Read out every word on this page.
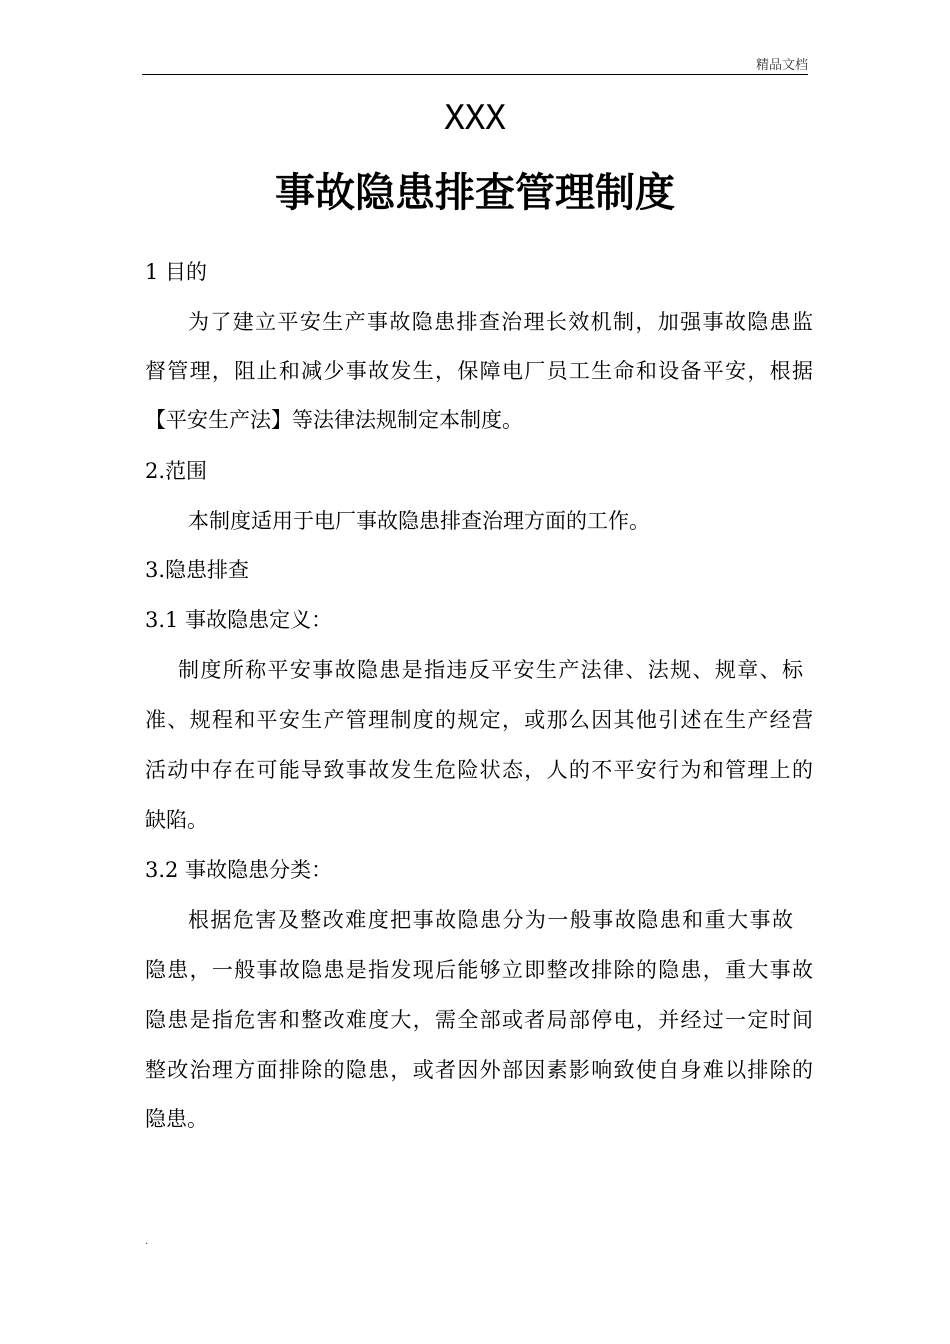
精品文档
XXX
事故隐患排查管理制度
1 目的
为了建立平安生产事故隐患排查治理长效机制，加强事故隐患监
督管理，阻止和减少事故发生，保障电厂员工生命和设备平安，根据
【平安生产法】等法律法规制定本制度。
2.范围
本制度适用于电厂事故隐患排查治理方面的工作。
3.隐患排查
3.1 事故隐患定义：
制度所称平安事故隐患是指违反平安生产法律、法规、规章、标
准、规程和平安生产管理制度的规定，或那么因其他引述在生产经营
活动中存在可能导致事故发生危险状态，人的不平安行为和管理上的
缺陷。
3.2 事故隐患分类：
根据危害及整改难度把事故隐患分为一般事故隐患和重大事故
隐患，一般事故隐患是指发现后能够立即整改排除的隐患，重大事故
隐患是指危害和整改难度大，需全部或者局部停电，并经过一定时间
整改治理方面排除的隐患，或者因外部因素影响致使自身难以排除的
隐患。
.
